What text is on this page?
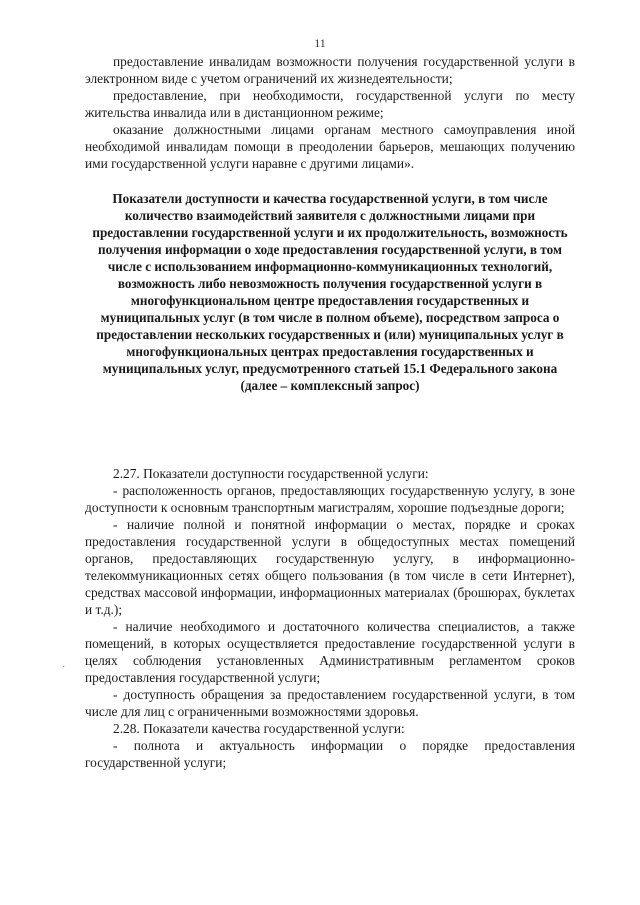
11

предоставление инвалидам возможности получения государственной услуги в электронном виде с учетом ограничений их жизнедеятельности;

предоставление, при необходимости, государственной услуги по месту жительства инвалида или в дистанционном режиме;

оказание должностными лицами органам местного самоуправления иной необходимой инвалидам помощи в преодолении барьеров, мешающих получению ими государственной услуги наравне с другими лицами».

Показатели доступности и качества государственной услуги, в том числе количество взаимодействий заявителя с должностными лицами при предоставлении государственной услуги и их продолжительность, возможность получения информации о ходе предоставления государственной услуги, в том числе с использованием информационно-коммуникационных технологий, возможность либо невозможность получения государственной услуги в многофункциональном центре предоставления государственных и муниципальных услуг (в том числе в полном объеме), посредством запроса о предоставлении нескольких государственных и (или) муниципальных услуг в многофункциональных центрах предоставления государственных и муниципальных услуг, предусмотренного статьей 15.1 Федерального закона (далее – комплексный запрос)

2.27. Показатели доступности государственной услуги:

- расположенность органов, предоставляющих государственную услугу, в зоне доступности к основным транспортным магистралям, хорошие подъездные дороги;

- наличие полной и понятной информации о местах, порядке и сроках предоставления государственной услуги в общедоступных местах помещений органов, предоставляющих государственную услугу, в информационно-телекоммуникационных сетях общего пользования (в том числе в сети Интернет), средствах массовой информации, информационных материалах (брошюрах, буклетах и т.д.);

- наличие необходимого и достаточного количества специалистов, а также помещений, в которых осуществляется предоставление государственной услуги в целях соблюдения установленных Административным регламентом сроков предоставления государственной услуги;

- доступность обращения за предоставлением государственной услуги, в том числе для лиц с ограниченными возможностями здоровья.

2.28. Показатели качества государственной услуги:

- полнота и актуальность информации о порядке предоставления государственной услуги;

·
